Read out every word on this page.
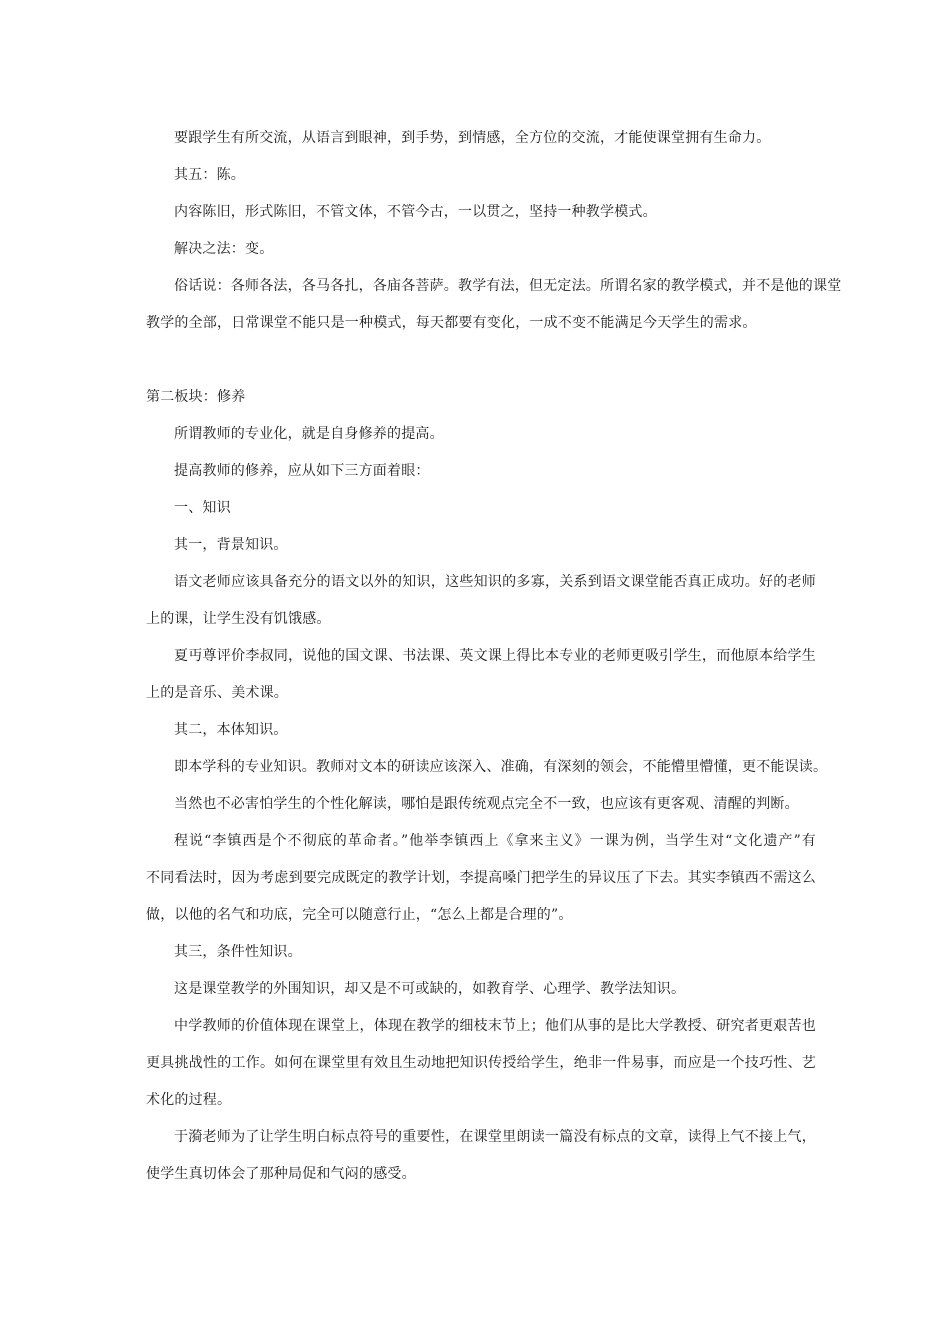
要跟学生有所交流，从语言到眼神，到手势，到情感，全方位的交流，才能使课堂拥有生命力。
其五：陈。
内容陈旧，形式陈旧，不管文体，不管今古，一以贯之，坚持一种教学模式。
解决之法：变。
俗话说：各师各法，各马各扎，各庙各菩萨。教学有法，但无定法。所谓名家的教学模式，并不是他的课堂
教学的全部，日常课堂不能只是一种模式，每天都要有变化，一成不变不能满足今天学生的需求。
第二板块：修养
所谓教师的专业化，就是自身修养的提高。
提高教师的修养，应从如下三方面着眼：
一、知识
其一，背景知识。
语文老师应该具备充分的语文以外的知识，这些知识的多寡，关系到语文课堂能否真正成功。好的老师
上的课，让学生没有饥饿感。
夏丏尊评价李叔同，说他的国文课、书法课、英文课上得比本专业的老师更吸引学生，而他原本给学生
上的是音乐、美术课。
其二，本体知识。
即本学科的专业知识。教师对文本的研读应该深入、准确，有深刻的领会，不能懵里懵懂，更不能误读。
当然也不必害怕学生的个性化解读，哪怕是跟传统观点完全不一致，也应该有更客观、清醒的判断。
程说“李镇西是个不彻底的革命者。”他举李镇西上《拿来主义》一课为例，当学生对“文化遗产”有
不同看法时，因为考虑到要完成既定的教学计划，李提高嗓门把学生的异议压了下去。其实李镇西不需这么
做，以他的名气和功底，完全可以随意行止，“怎么上都是合理的”。
其三，条件性知识。
这是课堂教学的外围知识，却又是不可或缺的，如教育学、心理学、教学法知识。
中学教师的价值体现在课堂上，体现在教学的细枝末节上；他们从事的是比大学教授、研究者更艰苦也
更具挑战性的工作。如何在课堂里有效且生动地把知识传授给学生，绝非一件易事，而应是一个技巧性、艺
术化的过程。
于漪老师为了让学生明白标点符号的重要性，在课堂里朗读一篇没有标点的文章，读得上气不接上气，
使学生真切体会了那种局促和气闷的感受。
